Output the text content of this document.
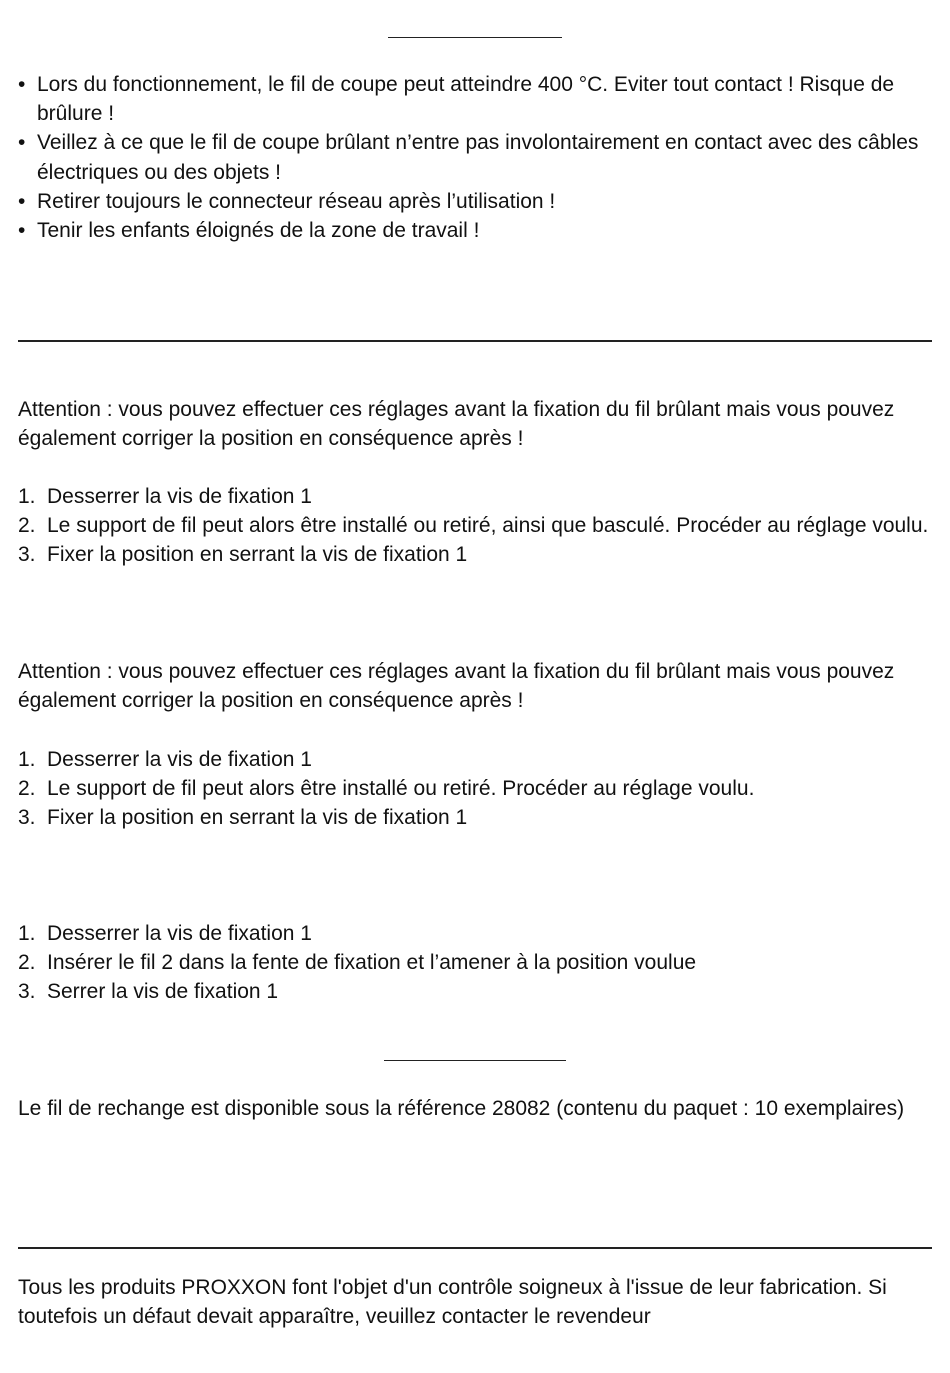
• Lors du fonctionnement, le fil de coupe peut atteindre 400 °C. Eviter tout contact ! Risque de brûlure !
• Veillez à ce que le fil de coupe brûlant n’entre pas involontairement en contact avec des câbles électriques ou des objets !
• Retirer toujours le connecteur réseau après l’utilisation !
• Tenir les enfants éloignés de la zone de travail !

Attention : vous pouvez effectuer ces réglages avant la fixation du fil brûlant mais vous pouvez également corriger la position en conséquence après !

1. Desserrer la vis de fixation 1
2. Le support de fil peut alors être installé ou retiré, ainsi que basculé. Procéder au réglage voulu.
3. Fixer la position en serrant la vis de fixation 1

Attention : vous pouvez effectuer ces réglages avant la fixation du fil brûlant mais vous pouvez également corriger la position en conséquence après !

1. Desserrer la vis de fixation 1
2. Le support de fil peut alors être installé ou retiré. Procéder au réglage voulu.
3. Fixer la position en serrant la vis de fixation 1
1. Desserrer la vis de fixation 1
2. Insérer le fil 2 dans la fente de fixation et l’amener à la position voulue
3. Serrer la vis de fixation 1

Le fil de rechange est disponible sous la référence 28082 (contenu du paquet : 10 exemplaires)

Tous les produits PROXXON font l'objet d'un contrôle soigneux à l'issue de leur fabrication. Si toutefois un défaut devait apparaître, veuillez contacter le revendeur
